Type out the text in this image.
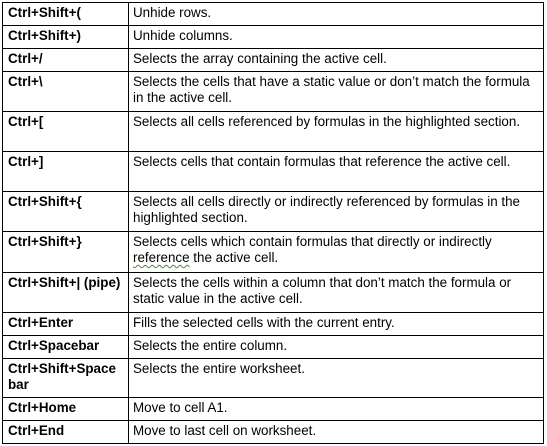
Ctrl+Shift+(	Unhide rows.
Ctrl+Shift+)	Unhide columns.
Ctrl+/	Selects the array containing the active cell.
Ctrl+\	Selects the cells that have a static value or don’t match the formula in the active cell.
Ctrl+[	Selects all cells referenced by formulas in the highlighted section.
Ctrl+]	Selects cells that contain formulas that reference the active cell.
Ctrl+Shift+{	Selects all cells directly or indirectly referenced by formulas in the highlighted section.
Ctrl+Shift+}	Selects cells which contain formulas that directly or indirectly reference the active cell.
Ctrl+Shift+| (pipe)	Selects the cells within a column that don’t match the formula or static value in the active cell.
Ctrl+Enter	Fills the selected cells with the current entry.
Ctrl+Spacebar	Selects the entire column.
Ctrl+Shift+Space bar	Selects the entire worksheet.
Ctrl+Home	Move to cell A1.
Ctrl+End	Move to last cell on worksheet.
